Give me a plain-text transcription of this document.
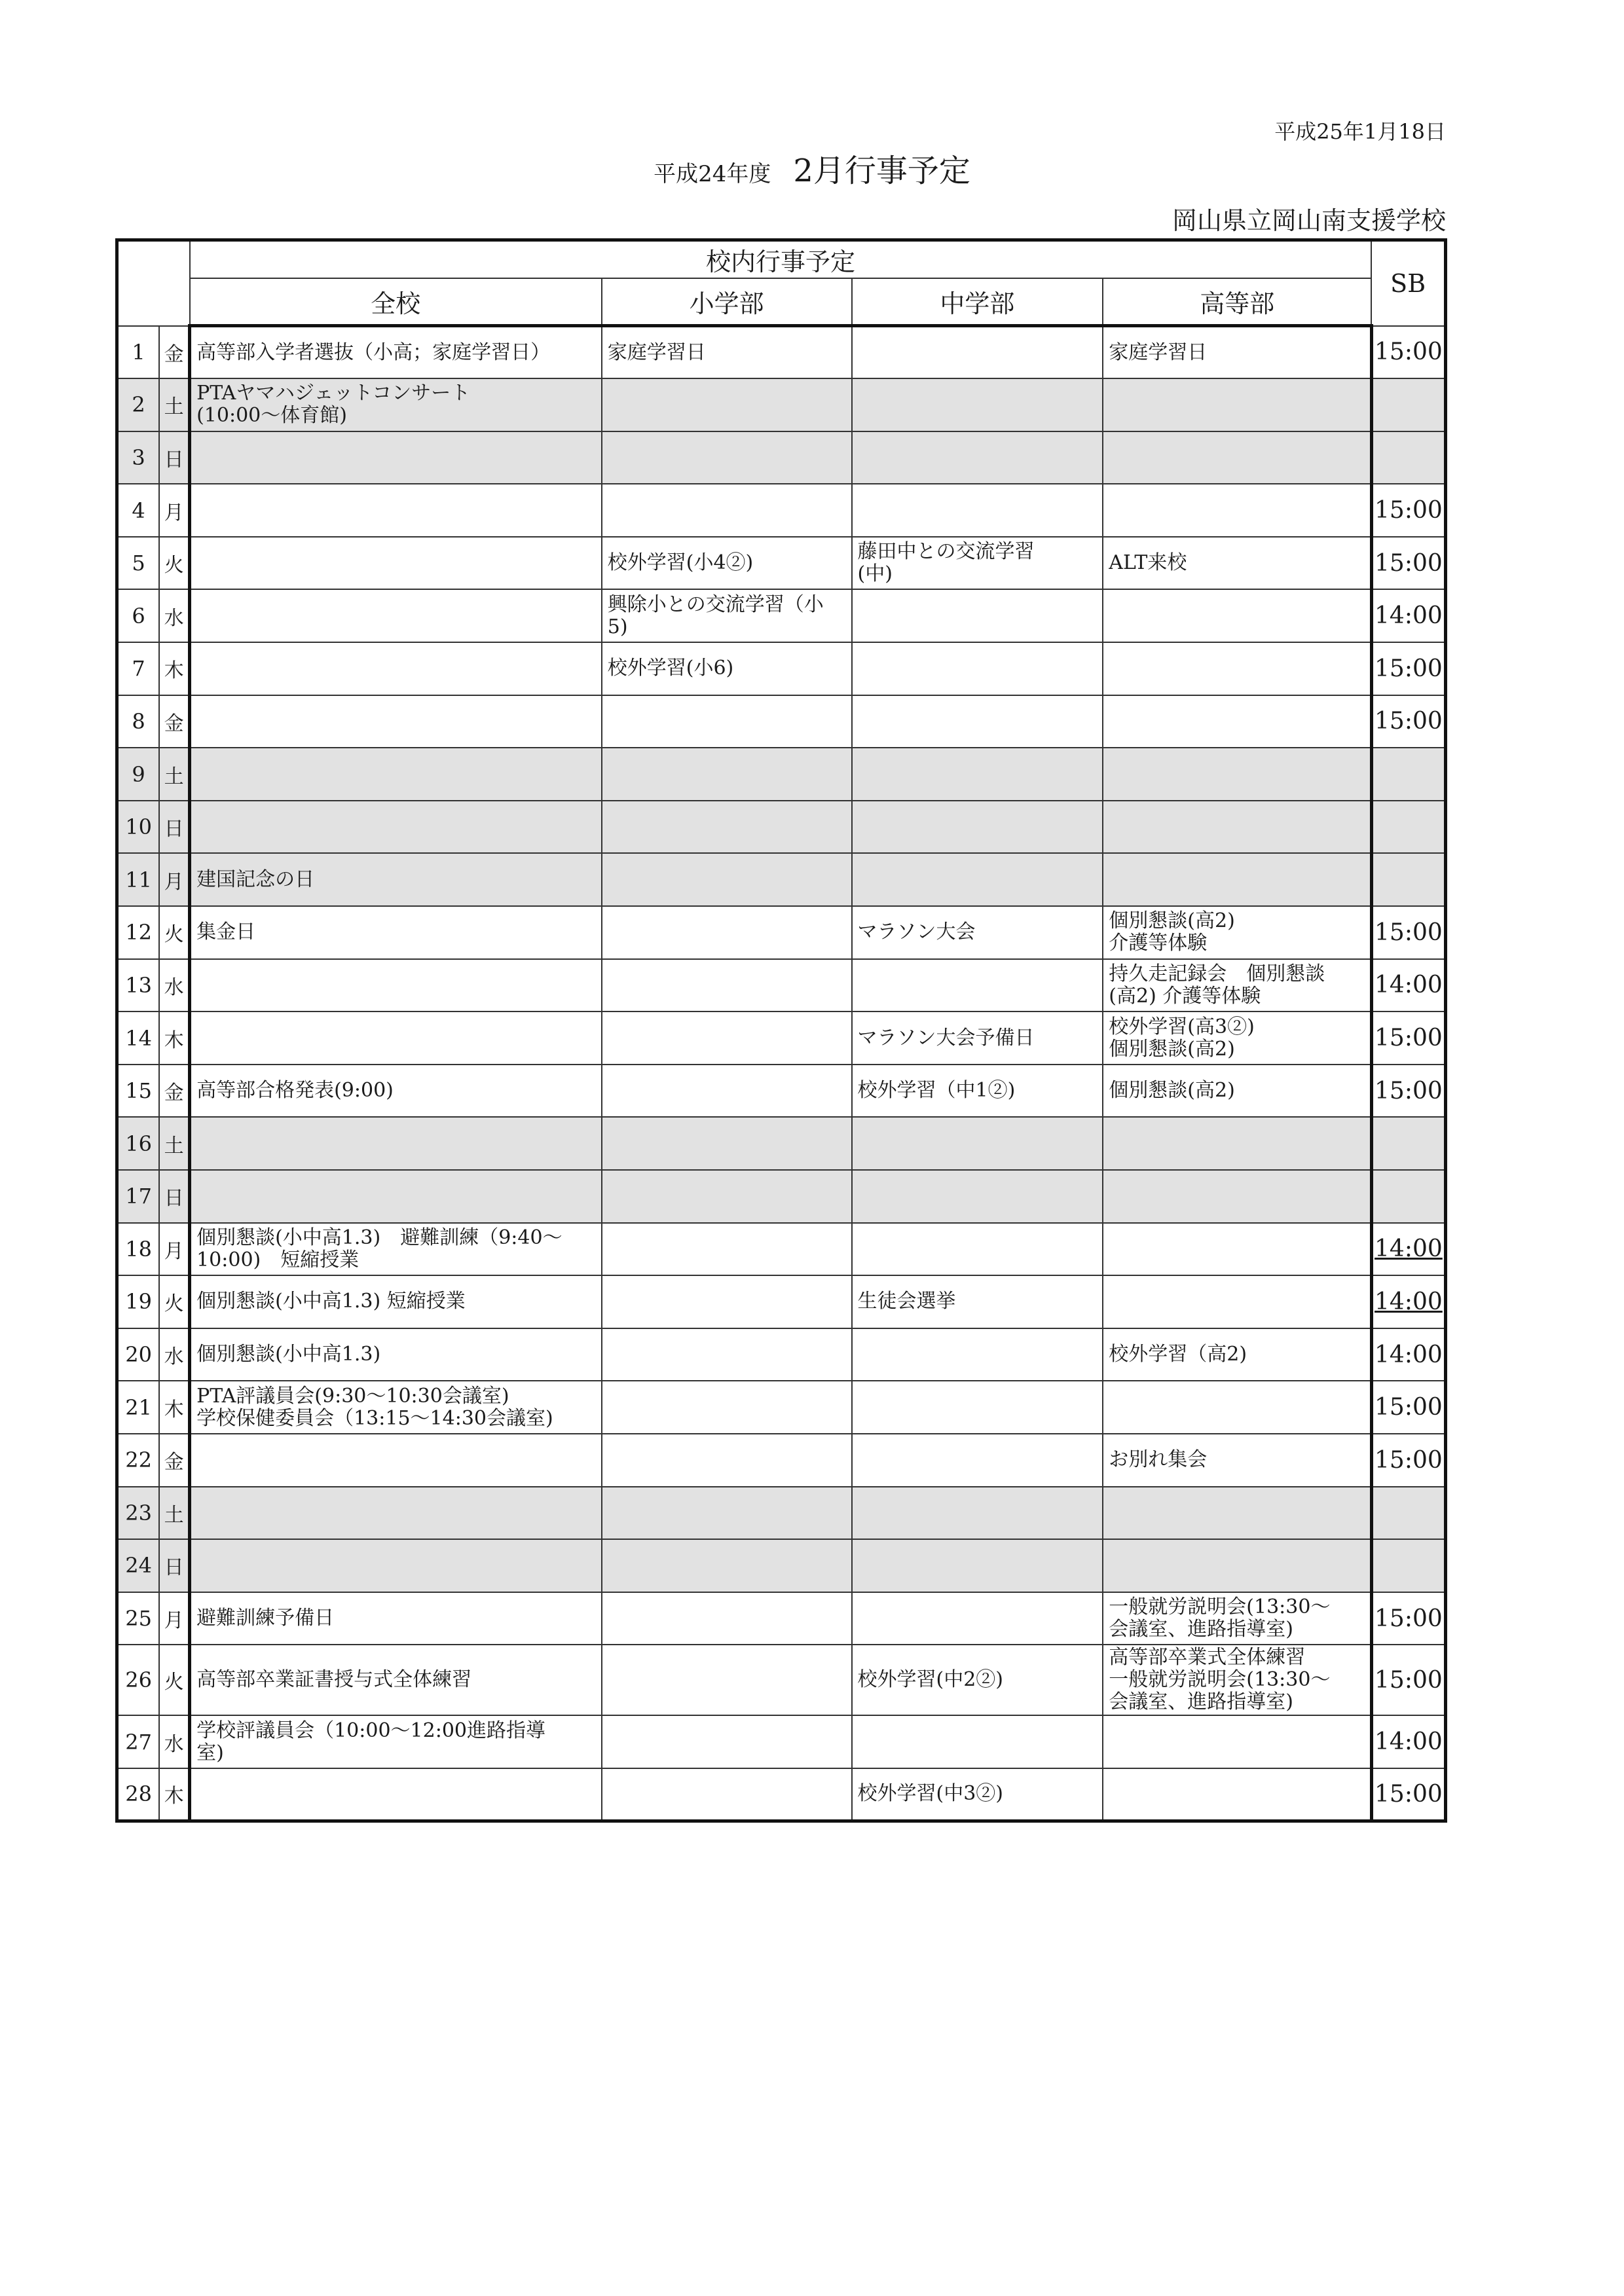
平成25年1月18日
平成24年度 2月行事予定
岡山県立岡山南支援学校
		校内行事予定				SB
		全校	小学部	中学部	高等部	
1	金	高等部入学者選抜（小高；家庭学習日）	家庭学習日		家庭学習日	15:00
2	土	PTAヤマハジェットコンサート
(10:00～体育館)				
3	日					
4	月					15:00
5	火		校外学習(小4②)	藤田中との交流学習
(中)	ALT来校	15:00
6	水		興除小との交流学習（小
5)			14:00
7	木		校外学習(小6)			15:00
8	金					15:00
9	土					
10	日					
11	月	建国記念の日				
12	火	集金日		マラソン大会	個別懇談(高2)
介護等体験	15:00
13	水				持久走記録会　個別懇談
(高2) 介護等体験	14:00
14	木			マラソン大会予備日	校外学習(高3②)
個別懇談(高2)	15:00
15	金	高等部合格発表(9:00)		校外学習（中1②)	個別懇談(高2)	15:00
16	土					
17	日					
18	月	個別懇談(小中高1.3)　避難訓練（9:40～
10:00)　短縮授業				14:00
19	火	個別懇談(小中高1.3) 短縮授業		生徒会選挙		14:00
20	水	個別懇談(小中高1.3)			校外学習（高2)	14:00
21	木	PTA評議員会(9:30～10:30会議室)
学校保健委員会（13:15～14:30会議室)				15:00
22	金				お別れ集会	15:00
23	土					
24	日					
25	月	避難訓練予備日			一般就労説明会(13:30～
会議室、進路指導室)	15:00
26	火	高等部卒業証書授与式全体練習		校外学習(中2②)	高等部卒業式全体練習
一般就労説明会(13:30～
会議室、進路指導室)	15:00
27	水	学校評議員会（10:00～12:00進路指導
室)				14:00
28	木			校外学習(中3②)		15:00
